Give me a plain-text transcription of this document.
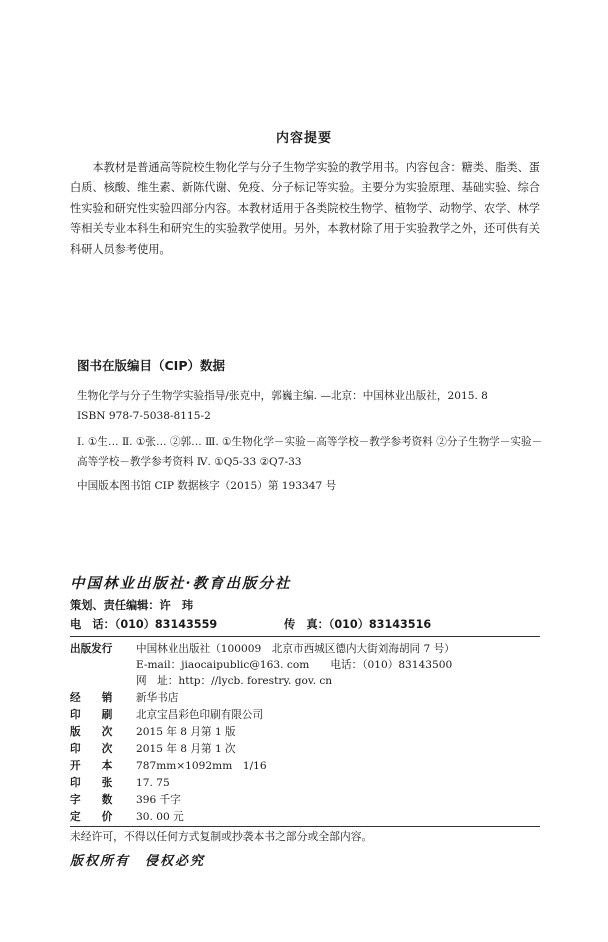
内容提要

本教材是普通高等院校生物化学与分子生物学实验的教学用书。内容包含：糖类、脂类、蛋白质、核酸、维生素、新陈代谢、免疫、分子标记等实验。主要分为实验原理、基础实验、综合性实验和研究性实验四部分内容。本教材适用于各类院校生物学、植物学、动物学、农学、林学等相关专业本科生和研究生的实验教学使用。另外，本教材除了用于实验教学之外，还可供有关科研人员参考使用。

图书在版编目（CIP）数据
生物化学与分子生物学实验指导/张克中，郭巍主编. —北京：中国林业出版社，2015. 8
ISBN 978-7-5038-8115-2
Ⅰ. ①生… Ⅱ. ①张… ②郭… Ⅲ. ①生物化学－实验－高等学校－教学参考资料 ②分子生物学－实验－高等学校－教学参考资料 Ⅳ. ①Q5-33 ②Q7-33
中国版本图书馆 CIP 数据核字（2015）第 193347 号
中国林业出版社·教育出版分社
策划、责任编辑：许　玮
电　话：（010）83143559	传　真：（010）83143516
出版发行	中国林业出版社（100009　北京市西城区德内大街刘海胡同 7 号）
E-mail：jiaocaipublic@163. com　　电话：（010）83143500
网　址：http：//lycb. forestry. gov. cn
经　　销	新华书店
印　　刷	北京宝昌彩色印刷有限公司
版　　次	2015 年 8 月第 1 版
印　　次	2015 年 8 月第 1 次
开　　本	787mm×1092mm　1/16
印　　张	17. 75
字　　数	396 千字
定　　价	30. 00 元
未经许可，不得以任何方式复制或抄袭本书之部分或全部内容。
版权所有　侵权必究
